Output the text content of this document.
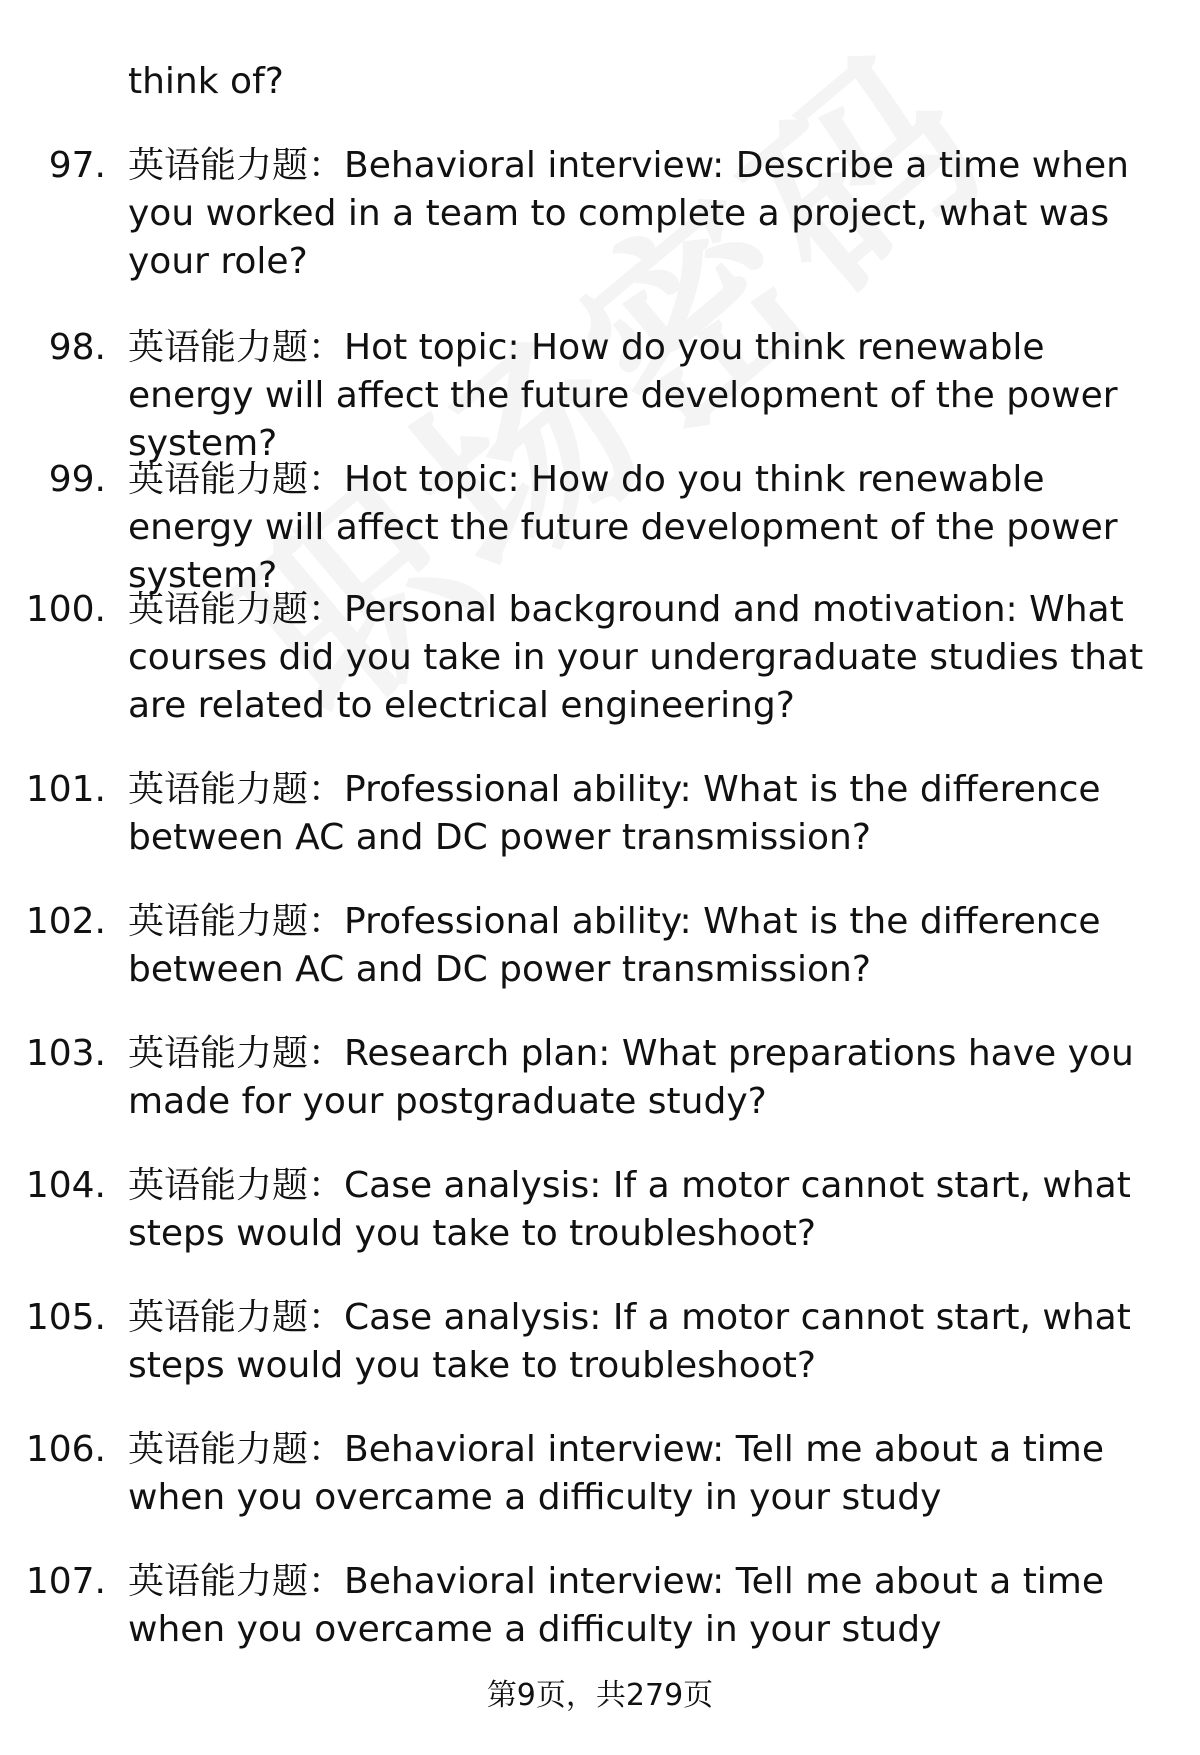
think of?
97. 英语能力题：Behavioral interview: Describe a time when you worked in a team to complete a project, what was your role?
98. 英语能力题：Hot topic: How do you think renewable energy will affect the future development of the power system?
99. 英语能力题：Hot topic: How do you think renewable energy will affect the future development of the power system?
100. 英语能力题：Personal background and motivation: What courses did you take in your undergraduate studies that are related to electrical engineering?
101. 英语能力题：Professional ability: What is the difference between AC and DC power transmission?
102. 英语能力题：Professional ability: What is the difference between AC and DC power transmission?
103. 英语能力题：Research plan: What preparations have you made for your postgraduate study?
104. 英语能力题：Case analysis: If a motor cannot start, what steps would you take to troubleshoot?
105. 英语能力题：Case analysis: If a motor cannot start, what steps would you take to troubleshoot?
106. 英语能力题：Behavioral interview: Tell me about a time when you overcame a difficulty in your study
107. 英语能力题：Behavioral interview: Tell me about a time when you overcame a difficulty in your study
第9页，共279页
